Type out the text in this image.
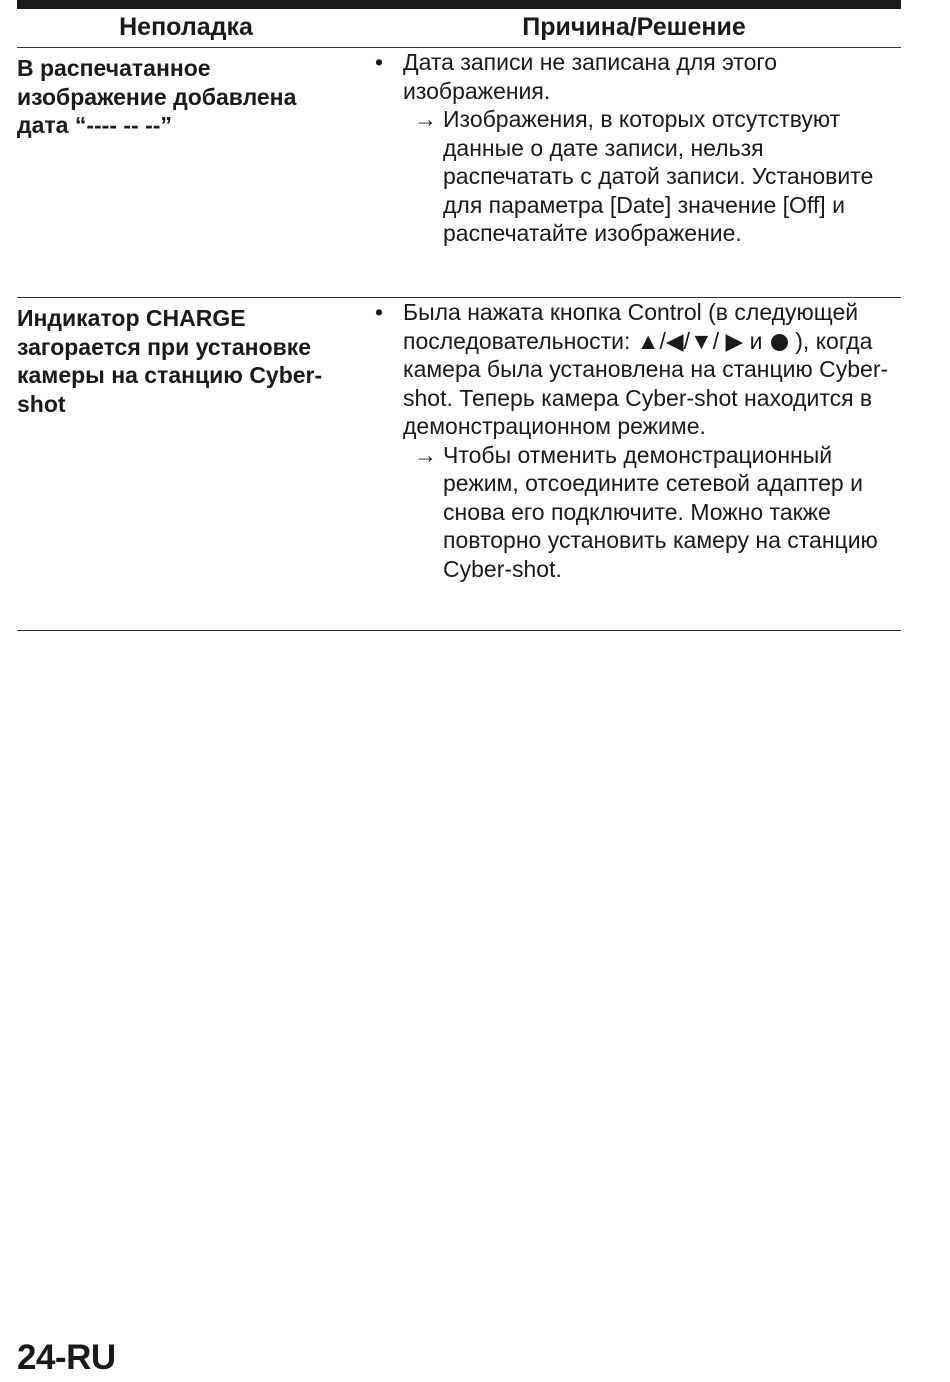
Неполадка	Причина/Решение
В распечатанное изображение добавлена дата “---- -- --”
• Дата записи не записана для этого изображения.
→ Изображения, в которых отсутствуют данные о дате записи, нельзя распечатать с датой записи. Установите для параметра [Date] значение [Off] и распечатайте изображение.
Индикатор CHARGE загорается при установке камеры на станцию Cyber-shot
• Была нажата кнопка Control (в следующей последовательности: ▲/◀/▼/ ▶ и ), когда камера была установлена на станцию Cyber-shot. Теперь камера Cyber-shot находится в демонстрационном режиме.
→ Чтобы отменить демонстрационный режим, отсоедините сетевой адаптер и снова его подключите. Можно также повторно установить камеру на станцию Cyber-shot.
24-RU
